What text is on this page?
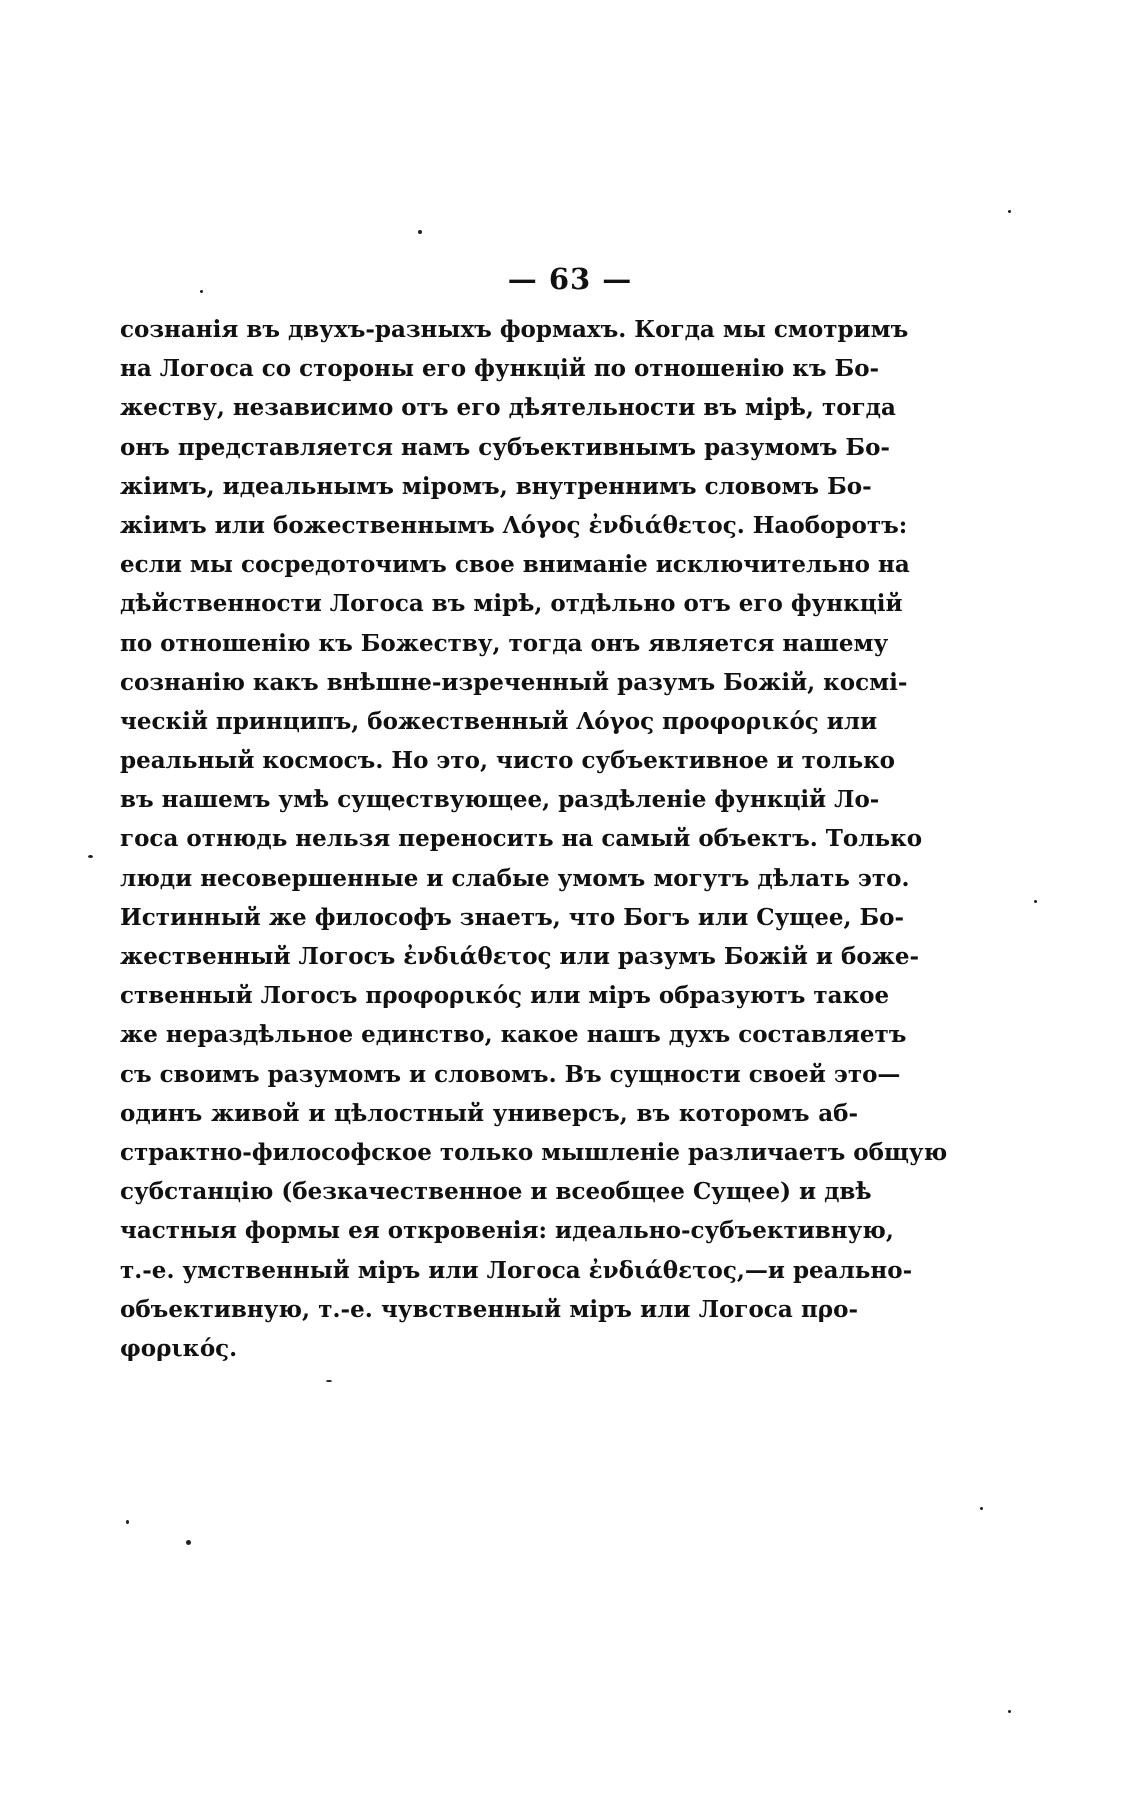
— 63 —
сознанія въ двухъ-разныхъ формахъ. Когда мы смотримъ
на Логоса со стороны его функцій по отношенію къ Бо-
жеству, независимо отъ его дѣятельности въ мірѣ, тогда
онъ представляется намъ субъективнымъ разумомъ Бо-
жіимъ, идеальнымъ міромъ, внутреннимъ словомъ Бо-
жіимъ или божественнымъ Λόγος ἐνδιάθετος. Наоборотъ:
если мы сосредоточимъ свое вниманіе исключительно на
дѣйственности Логоса въ мірѣ, отдѣльно отъ его функцій
по отношенію къ Божеству, тогда онъ является нашему
сознанію какъ внѣшне-изреченный разумъ Божій, космі-
ческій принципъ, божественный Λόγος προφορικός или
реальный космосъ. Но это, чисто субъективное и только
въ нашемъ умѣ существующее, раздѣленіе функцій Ло-
госа отнюдь нельзя переносить на самый объектъ. Только
люди несовершенные и слабые умомъ могутъ дѣлать это.
Истинный же философъ знаетъ, что Богъ или Сущее, Бо-
жественный Логосъ ἐνδιάθετος или разумъ Божій и боже-
ственный Логосъ προφορικός или міръ образуютъ такое
же нераздѣльное единство, какое нашъ духъ составляетъ
съ своимъ разумомъ и словомъ. Въ сущности своей это—
одинъ живой и цѣлостный универсъ, въ которомъ аб-
страктно-философское только мышленіе различаетъ общую
субстанцію (безкачественное и всеобщее Сущее) и двѣ
частныя формы ея откровенія: идеально-субъективную,
т.-е. умственный міръ или Логоса ἐνδιάθετος,—и реально-
объективную, т.-е. чувственный міръ или Логоса προ-
φορικός.
